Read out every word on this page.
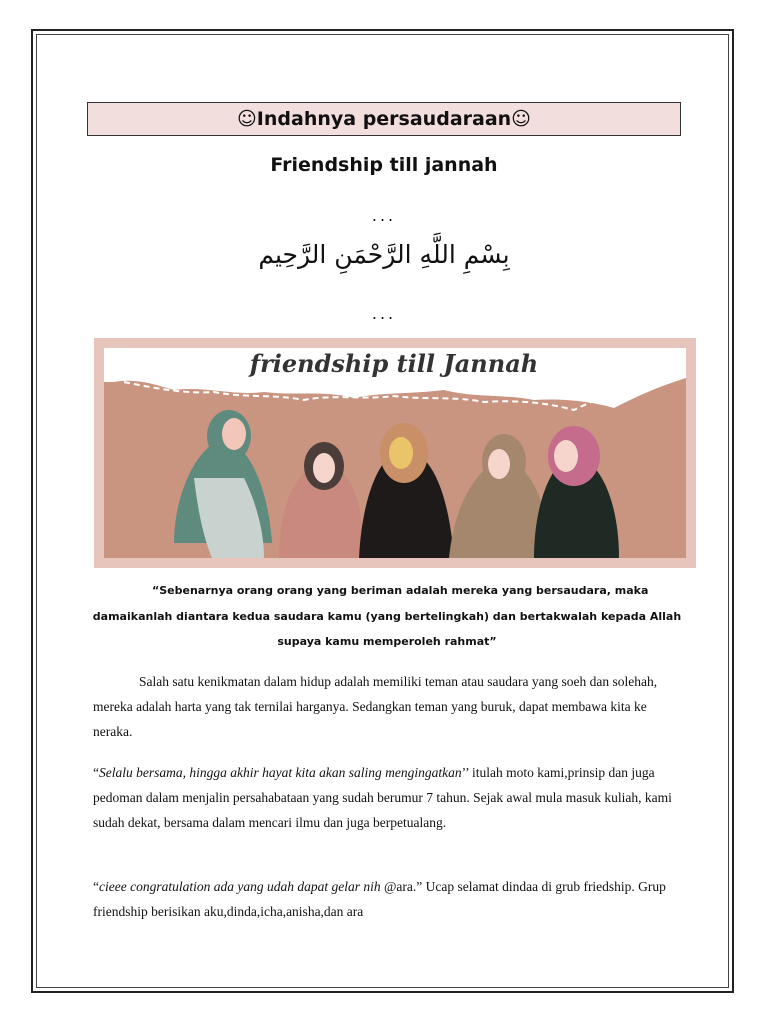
☺Indahnya persaudaraan☺
Friendship till jannah
...
بِسْمِ اللَّهِ الرَّحْمَنِ الرَّحِيم
...
friendship till Jannah
“Sebenarnya orang orang yang beriman adalah mereka yang bersaudara, maka
damaikanlah diantara kedua saudara kamu (yang bertelingkah) dan bertakwalah kepada Allah
supaya kamu memperoleh rahmat”
Salah satu kenikmatan dalam hidup adalah memiliki teman atau saudara yang soeh dan solehah, mereka adalah harta yang tak ternilai harganya. Sedangkan teman yang buruk, dapat membawa kita ke neraka.
“Selalu bersama, hingga akhir hayat kita akan saling mengingatkan’’ itulah moto kami,prinsip dan juga pedoman dalam menjalin persahabataan yang sudah berumur 7 tahun. Sejak awal mula masuk kuliah, kami sudah dekat, bersama dalam mencari ilmu dan juga berpetualang.
“cieee congratulation ada yang udah dapat gelar nih @ara.” Ucap selamat dindaa di grub friedship. Grup friendship berisikan aku,dinda,icha,anisha,dan ara
